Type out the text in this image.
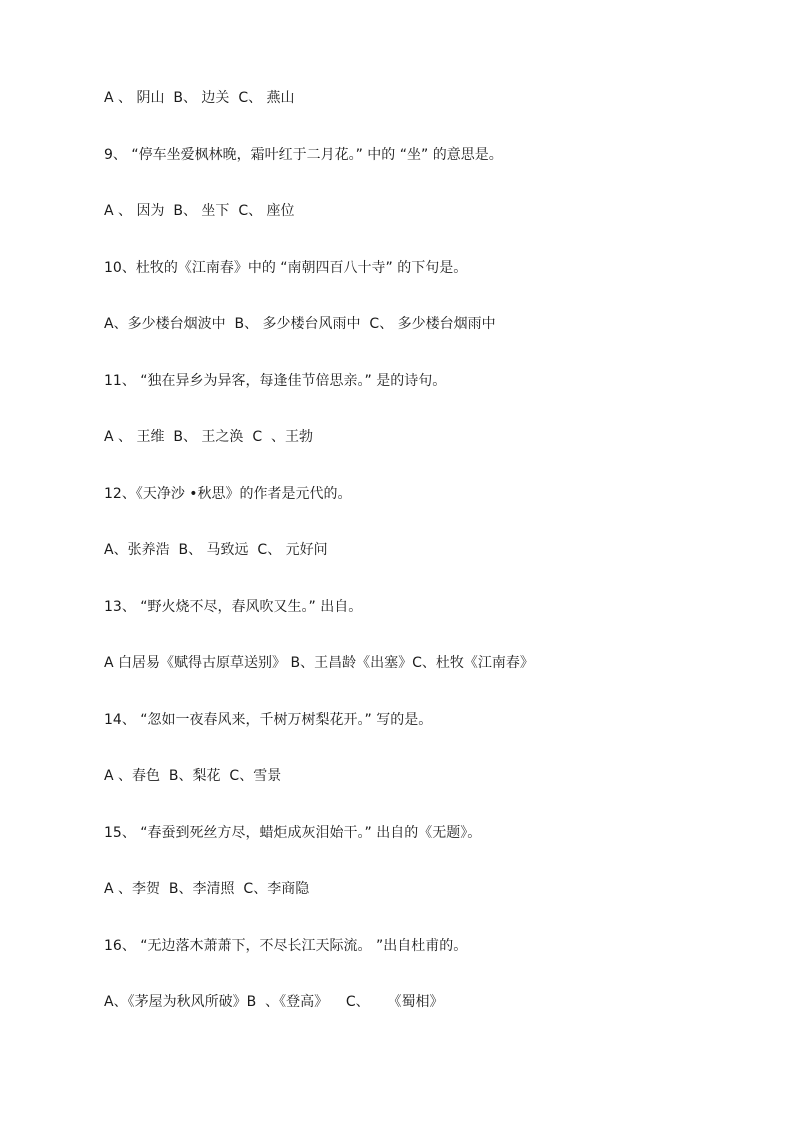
A 、 阴山  B、 边关  C、 燕山
9、 “停车坐爱枫林晚，霜叶红于二月花。” 中的 “坐” 的意思是。
A 、 因为  B、 坐下  C、 座位
10、杜牧的《江南春》中的 “南朝四百八十寺” 的下句是。
A、多少楼台烟波中  B、 多少楼台风雨中  C、 多少楼台烟雨中
11、 “独在异乡为异客，每逢佳节倍思亲。” 是的诗句。
A 、 王维  B、 王之涣  C  、王勃
12、《天净沙 •秋思》的作者是元代的。
A、张养浩  B、 马致远  C、 元好问
13、 “野火烧不尽，春风吹又生。” 出自。
A 白居易《赋得古原草送别》 B、王昌龄《出塞》C、杜牧《江南春》
14、 “忽如一夜春风来，千树万树梨花开。” 写的是。
A 、春色  B、梨花  C、雪景
15、 “春蚕到死丝方尽，蜡炬成灰泪始干。” 出自的《无题》。
A 、李贺  B、李清照  C、李商隐
16、 “无边落木萧萧下，不尽长江天际流。 ”出自杜甫的。
A、《茅屋为秋风所破》B  、《登高》    C、    《蜀相》
